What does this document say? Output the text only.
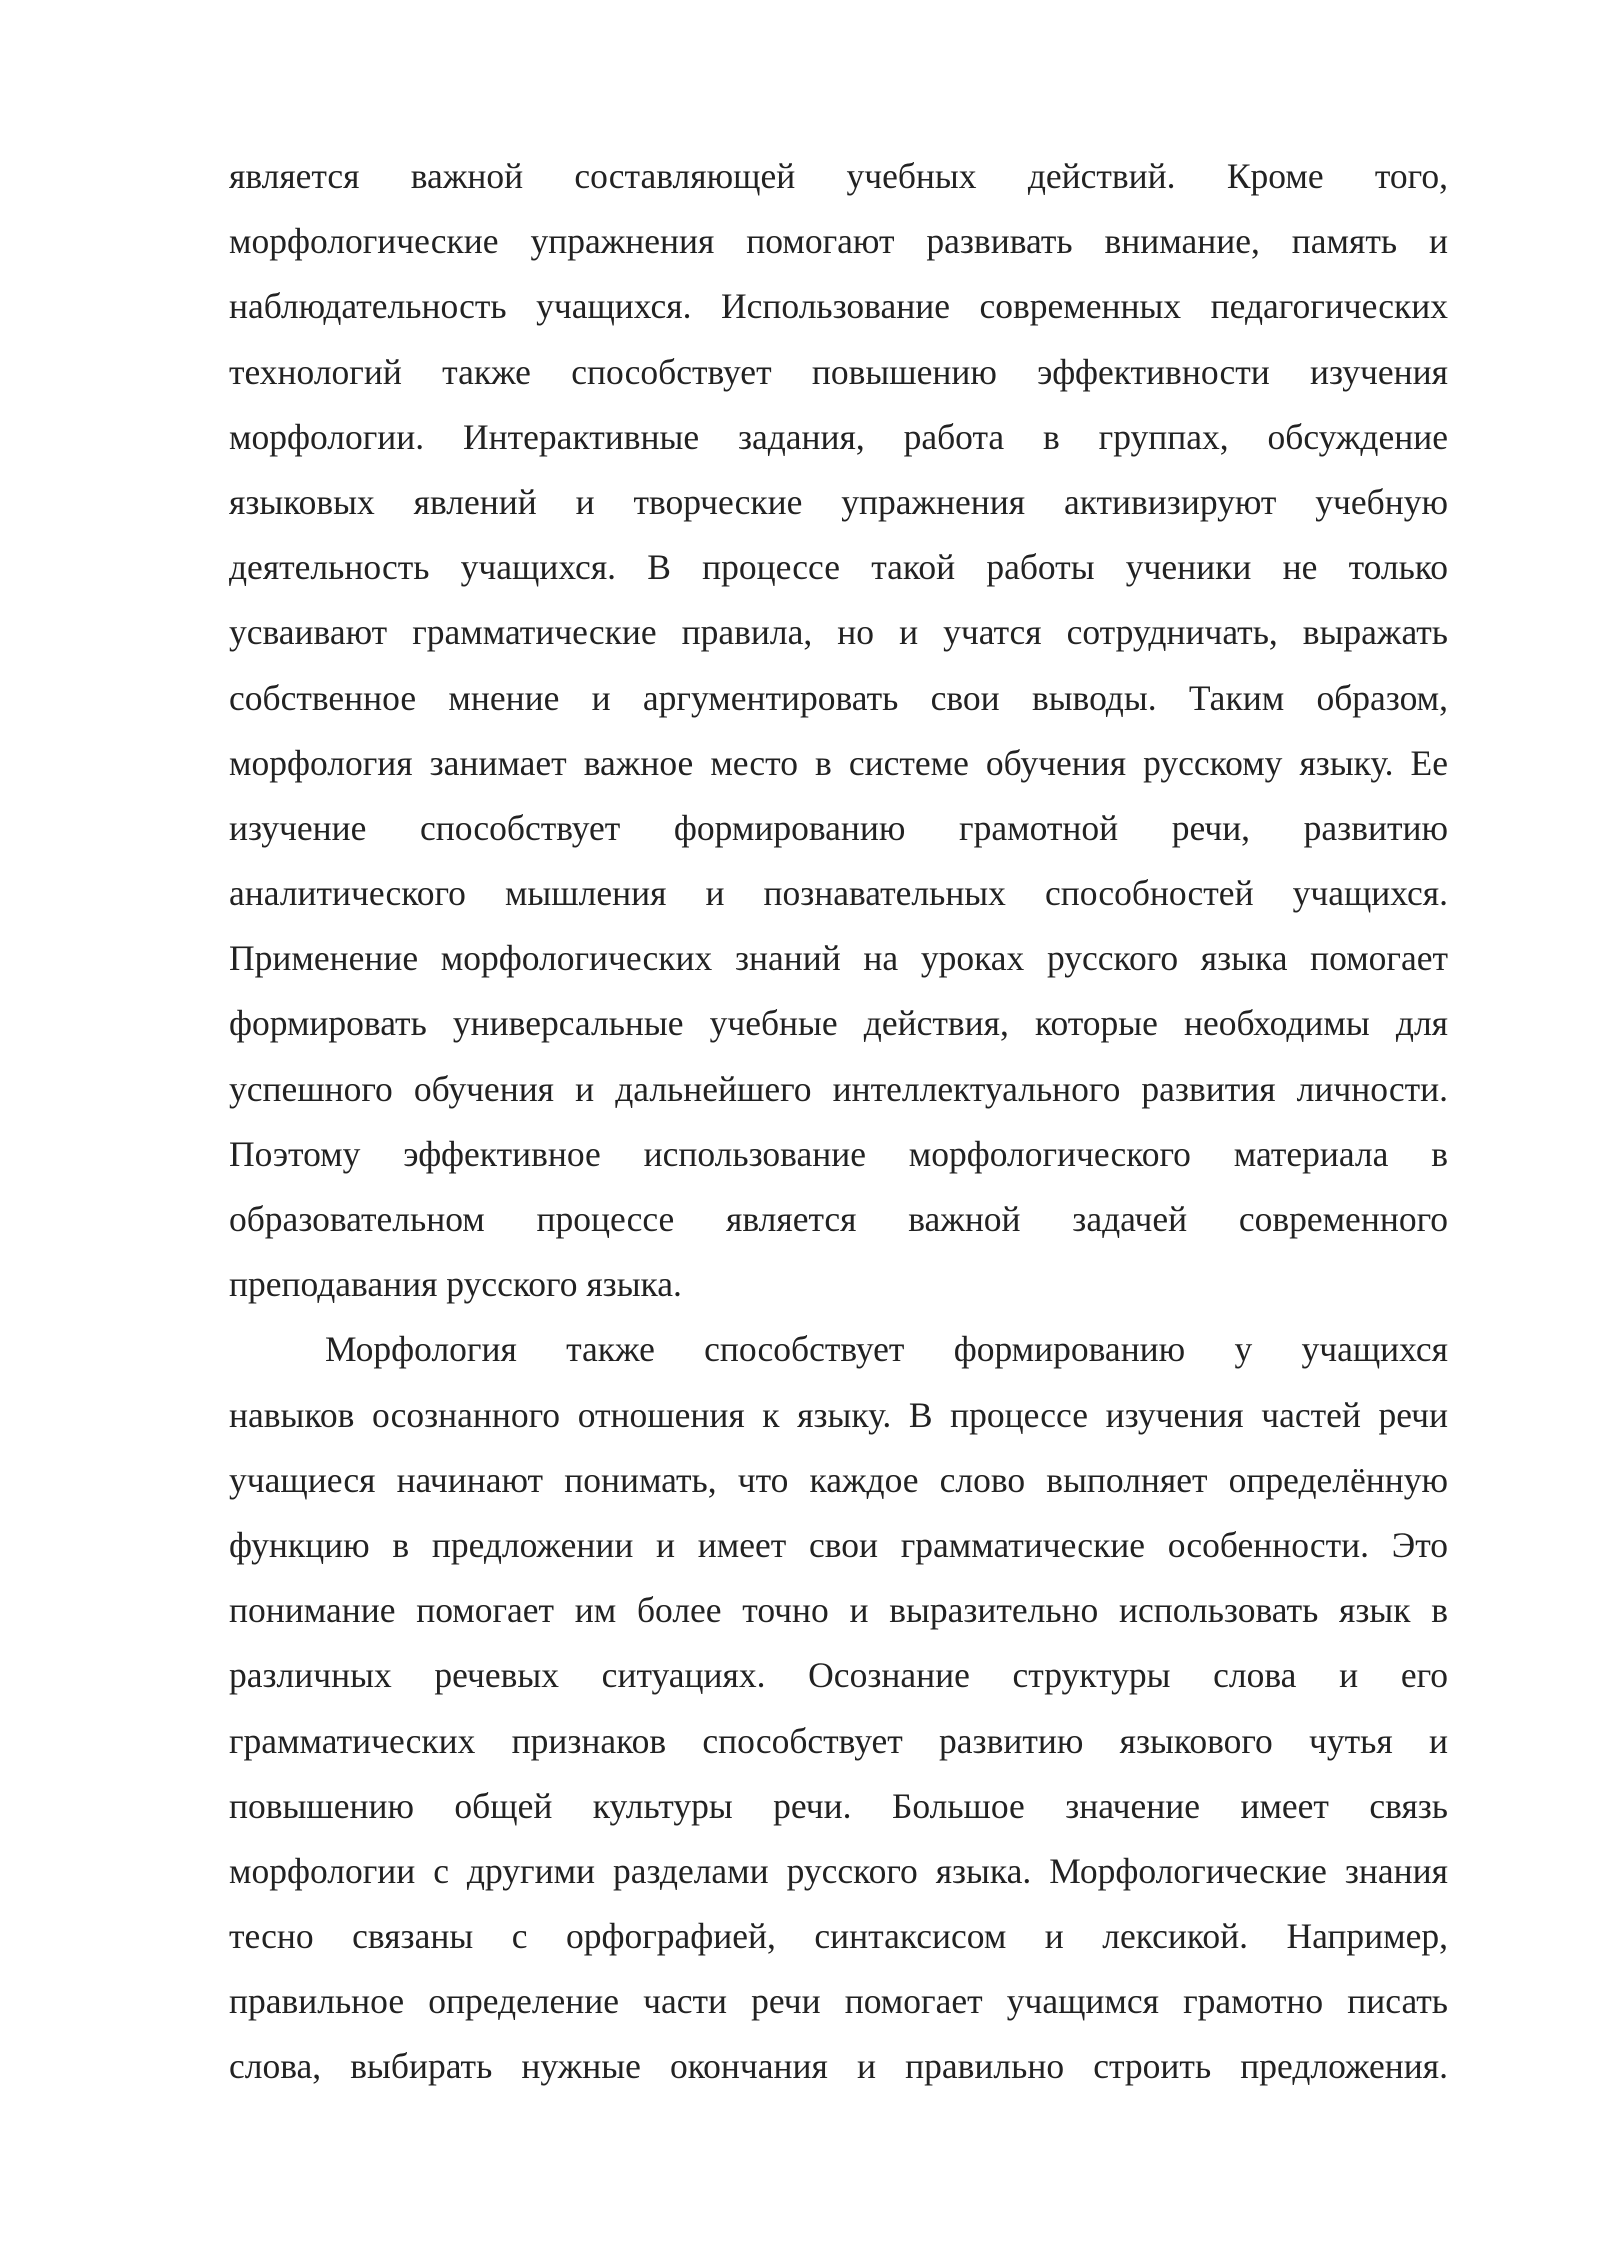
является важной составляющей учебных действий. Кроме того,
морфологические упражнения помогают развивать внимание, память и
наблюдательность учащихся. Использование современных педагогических
технологий также способствует повышению эффективности изучения
морфологии. Интерактивные задания, работа в группах, обсуждение
языковых явлений и творческие упражнения активизируют учебную
деятельность учащихся. В процессе такой работы ученики не только
усваивают грамматические правила, но и учатся сотрудничать, выражать
собственное мнение и аргументировать свои выводы. Таким образом,
морфология занимает важное место в системе обучения русскому языку. Ее
изучение способствует формированию грамотной речи, развитию
аналитического мышления и познавательных способностей учащихся.
Применение морфологических знаний на уроках русского языка помогает
формировать универсальные учебные действия, которые необходимы для
успешного обучения и дальнейшего интеллектуального развития личности.
Поэтому эффективное использование морфологического материала в
образовательном процессе является важной задачей современного
преподавания русского языка.
Морфология также способствует формированию у учащихся
навыков осознанного отношения к языку. В процессе изучения частей речи
учащиеся начинают понимать, что каждое слово выполняет определённую
функцию в предложении и имеет свои грамматические особенности. Это
понимание помогает им более точно и выразительно использовать язык в
различных речевых ситуациях. Осознание структуры слова и его
грамматических признаков способствует развитию языкового чутья и
повышению общей культуры речи. Большое значение имеет связь
морфологии с другими разделами русского языка. Морфологические знания
тесно связаны с орфографией, синтаксисом и лексикой. Например,
правильное определение части речи помогает учащимся грамотно писать
слова, выбирать нужные окончания и правильно строить предложения.
